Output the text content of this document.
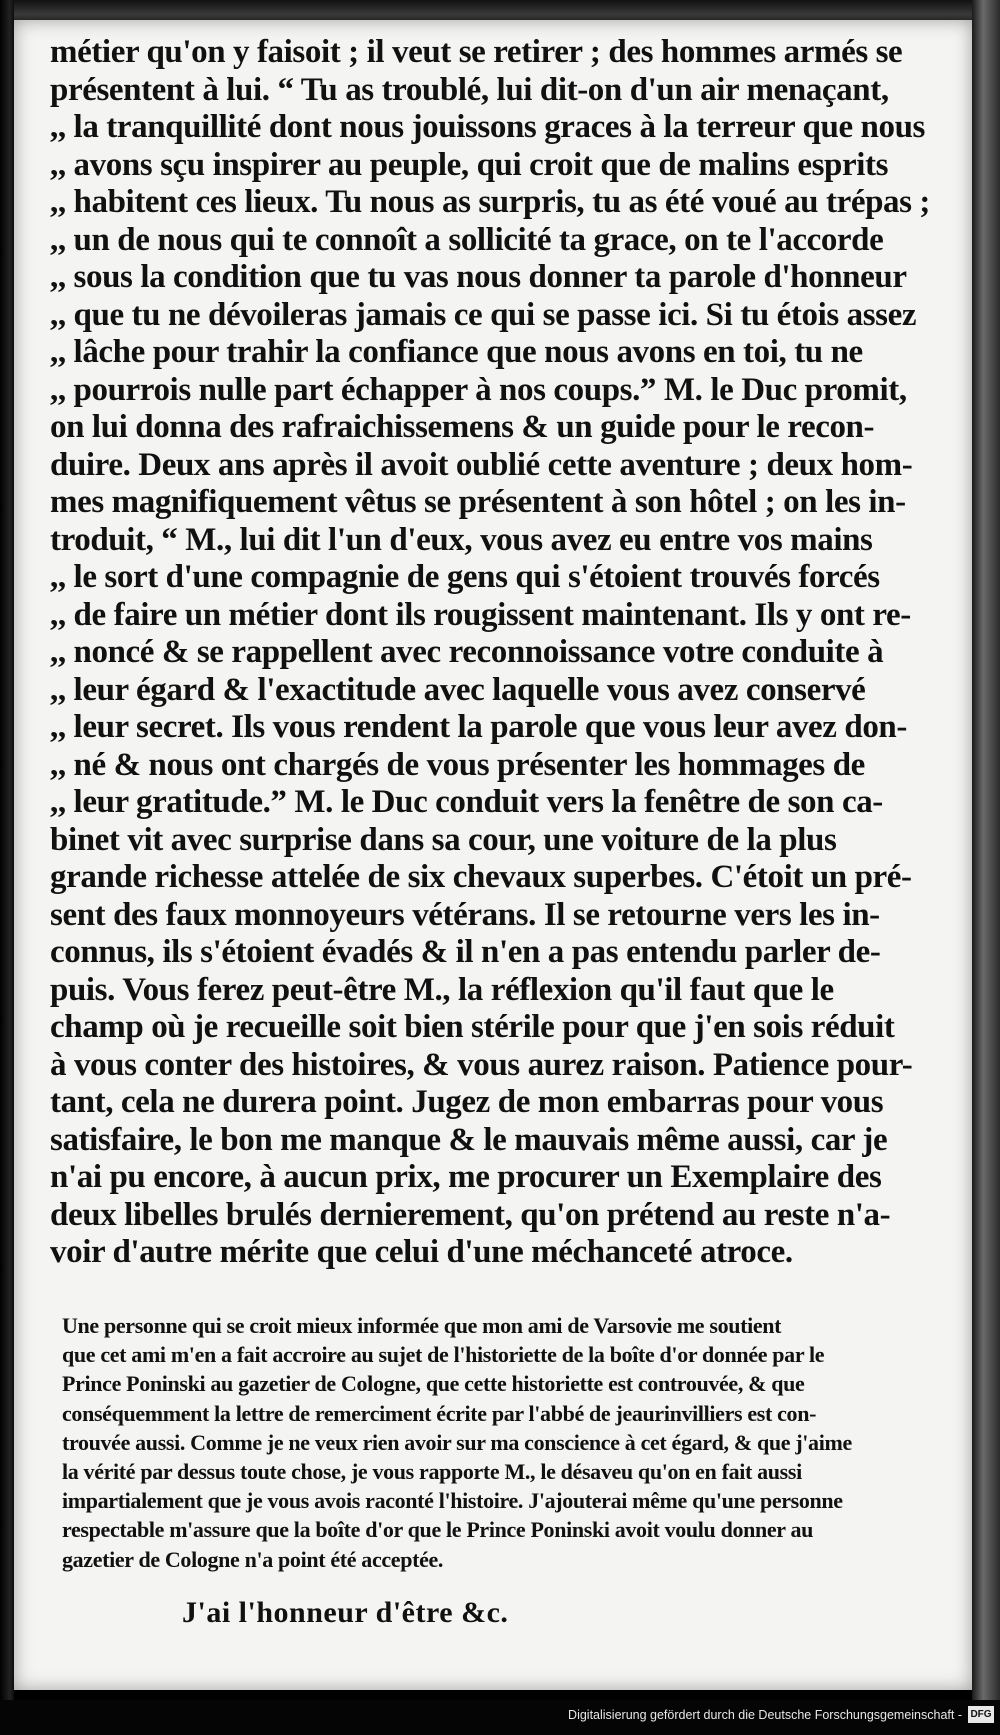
métier qu'on y faisoit ; il veut se retirer ; des hommes armés se
présentent à lui. “ Tu as troublé, lui dit-on d'un air menaçant,
,, la tranquillité dont nous jouissons graces à la terreur que nous
,, avons sçu inspirer au peuple, qui croit que de malins esprits
,, habitent ces lieux. Tu nous as surpris, tu as été voué au trépas ;
,, un de nous qui te connoît a sollicité ta grace, on te l'accorde
,, sous la condition que tu vas nous donner ta parole d'honneur
,, que tu ne dévoileras jamais ce qui se passe ici. Si tu étois assez
,, lâche pour trahir la confiance que nous avons en toi, tu ne
,, pourrois nulle part échapper à nos coups.” M. le Duc promit,
on lui donna des rafraichissemens & un guide pour le recon-
duire. Deux ans après il avoit oublié cette aventure ; deux hom-
mes magnifiquement vêtus se présentent à son hôtel ; on les in-
troduit, “ M., lui dit l'un d'eux, vous avez eu entre vos mains
,, le sort d'une compagnie de gens qui s'étoient trouvés forcés
,, de faire un métier dont ils rougissent maintenant. Ils y ont re-
,, noncé & se rappellent avec reconnoissance votre conduite à
,, leur égard & l'exactitude avec laquelle vous avez conservé
,, leur secret. Ils vous rendent la parole que vous leur avez don-
,, né & nous ont chargés de vous présenter les hommages de
,, leur gratitude.” M. le Duc conduit vers la fenêtre de son ca-
binet vit avec surprise dans sa cour, une voiture de la plus
grande richesse attelée de six chevaux superbes. C'étoit un pré-
sent des faux monnoyeurs vétérans. Il se retourne vers les in-
connus, ils s'étoient évadés & il n'en a pas entendu parler de-
puis. Vous ferez peut-être M., la réflexion qu'il faut que le
champ où je recueille soit bien stérile pour que j'en sois réduit
à vous conter des histoires, & vous aurez raison. Patience pour-
tant, cela ne durera point. Jugez de mon embarras pour vous
satisfaire, le bon me manque & le mauvais même aussi, car je
n'ai pu encore, à aucun prix, me procurer un Exemplaire des
deux libelles brulés dernierement, qu'on prétend au reste n'a-
voir d'autre mérite que celui d'une méchanceté atroce.
Une personne qui se croit mieux informée que mon ami de Varsovie me soutient
que cet ami m'en a fait accroire au sujet de l'historiette de la boîte d'or donnée par le
Prince Poninski au gazetier de Cologne, que cette historiette est controuvée, & que
conséquemment la lettre de remerciment écrite par l'abbé de jeaurinvilliers est con-
trouvée aussi. Comme je ne veux rien avoir sur ma conscience à cet égard, & que j'aime
la vérité par dessus toute chose, je vous rapporte M., le désaveu qu'on en fait aussi
impartialement que je vous avois raconté l'histoire. J'ajouterai même qu'une personne
respectable m'assure que la boîte d'or que le Prince Poninski avoit voulu donner au
gazetier de Cologne n'a point été acceptée.
J'ai l'honneur d'être &c.
Digitalisierung gefördert durch die Deutsche Forschungsgemeinschaft - DFG
